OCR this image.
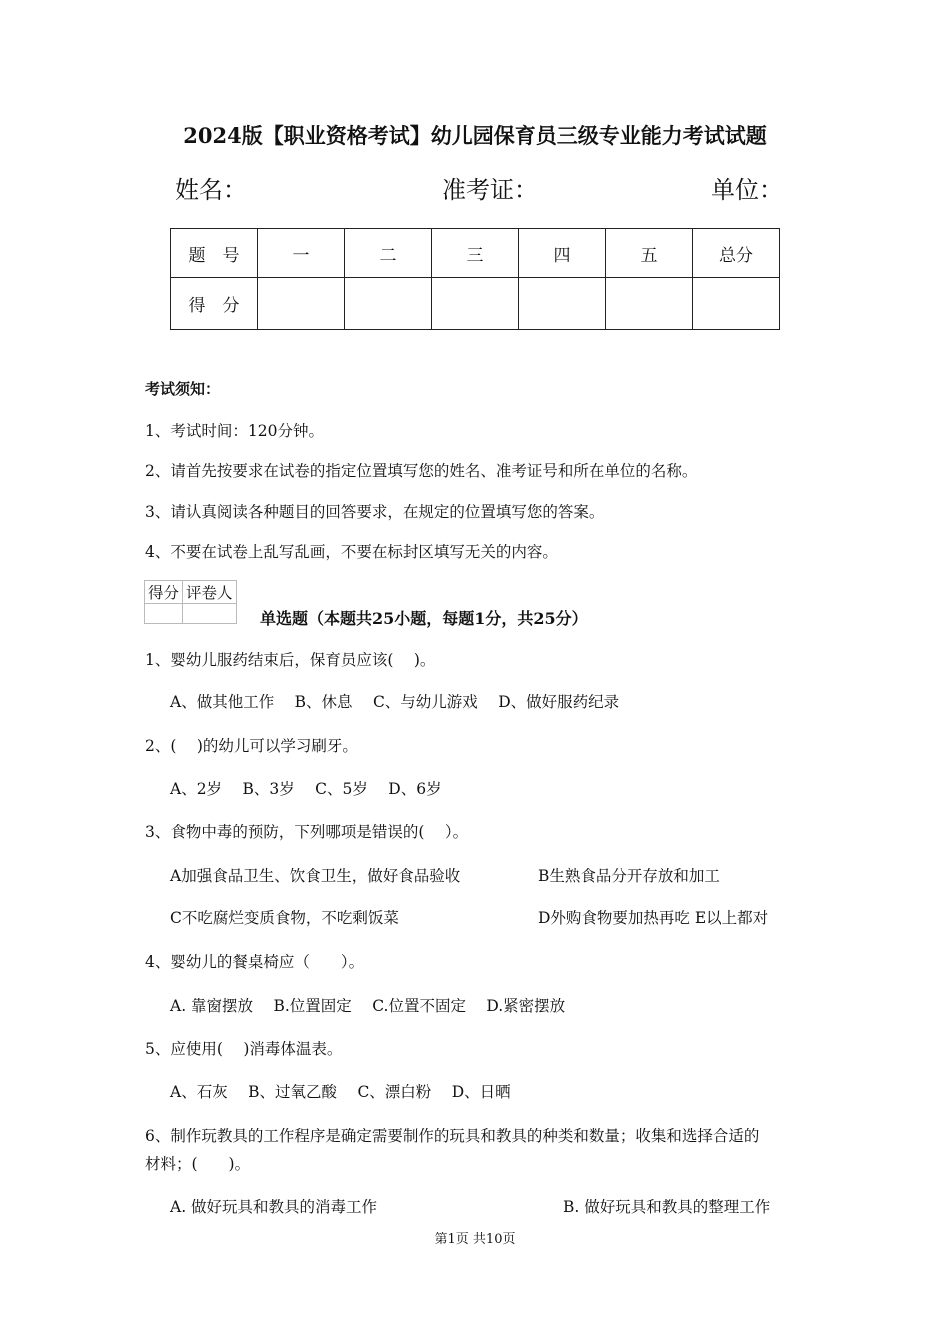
2024版【职业资格考试】幼儿园保育员三级专业能力考试试题
姓名：	准考证：	单位：
题　号	一	二	三	四	五	总分
得　分						
考试须知：
1、考试时间：120分钟。
2、请首先按要求在试卷的指定位置填写您的姓名、准考证号和所在单位的名称。
3、请认真阅读各种题目的回答要求，在规定的位置填写您的答案。
4、不要在试卷上乱写乱画，不要在标封区填写无关的内容。
得分	评卷人

单选题（本题共25小题，每题1分，共25分）
1、婴幼儿服药结束后，保育员应该(　 )。
A、做其他工作　 B、休息　 C、与幼儿游戏　 D、做好服药纪录
2、(　 )的幼儿可以学习刷牙。
A、2岁　 B、3岁　 C、5岁　 D、6岁
3、食物中毒的预防，下列哪项是错误的(　 ）。
A加强食品卫生、饮食卫生，做好食品验收	B生熟食品分开存放和加工
C不吃腐烂变质食物，不吃剩饭菜	D外购食物要加热再吃 E以上都对
4、婴幼儿的餐桌椅应（　　）。
A. 靠窗摆放　 B.位置固定　 C.位置不固定　 D.紧密摆放
5、应使用(　 )消毒体温表。
A、石灰　 B、过氧乙酸　 C、漂白粉　 D、日晒
6、制作玩教具的工作程序是确定需要制作的玩具和教具的种类和数量；收集和选择合适的
材料；(　　)。
A. 做好玩具和教具的消毒工作	B. 做好玩具和教具的整理工作
第1页 共10页
